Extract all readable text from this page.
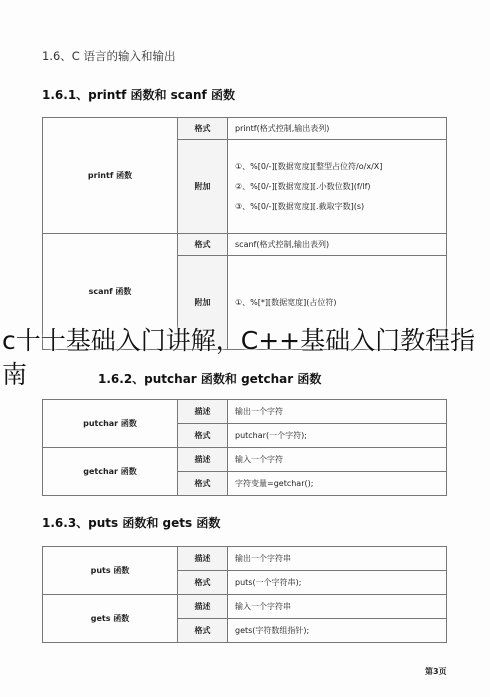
1.6、C 语言的输入和输出
1.6.1、printf 函数和 scanf 函数
printf 函数	格式	printf(格式控制,输出表列)
	附加	①、%[0/-][数据宽度][整型占位符/o/x/X]
②、%[0/-][数据宽度][.小数位数](f/lf)
③、%[0/-][数据宽度][.截取字数](s)

scanf 函数	格式	scanf(格式控制,输出表列)
	附加	①、%[*][数据宽度](占位符)
1.6.2、putchar 函数和 getchar 函数
putchar 函数	描述	输出一个字符
	格式	putchar(一个字符);
getchar 函数	描述	输入一个字符
	格式	字符变量=getchar();
1.6.3、puts 函数和 gets 函数
puts 函数	描述	输出一个字符串
	格式	puts(一个字符串);
gets 函数	描述	输入一个字符串
	格式	gets(字符数组指针);
第3页
c十十基础入门讲解，C++基础入门教程指南
